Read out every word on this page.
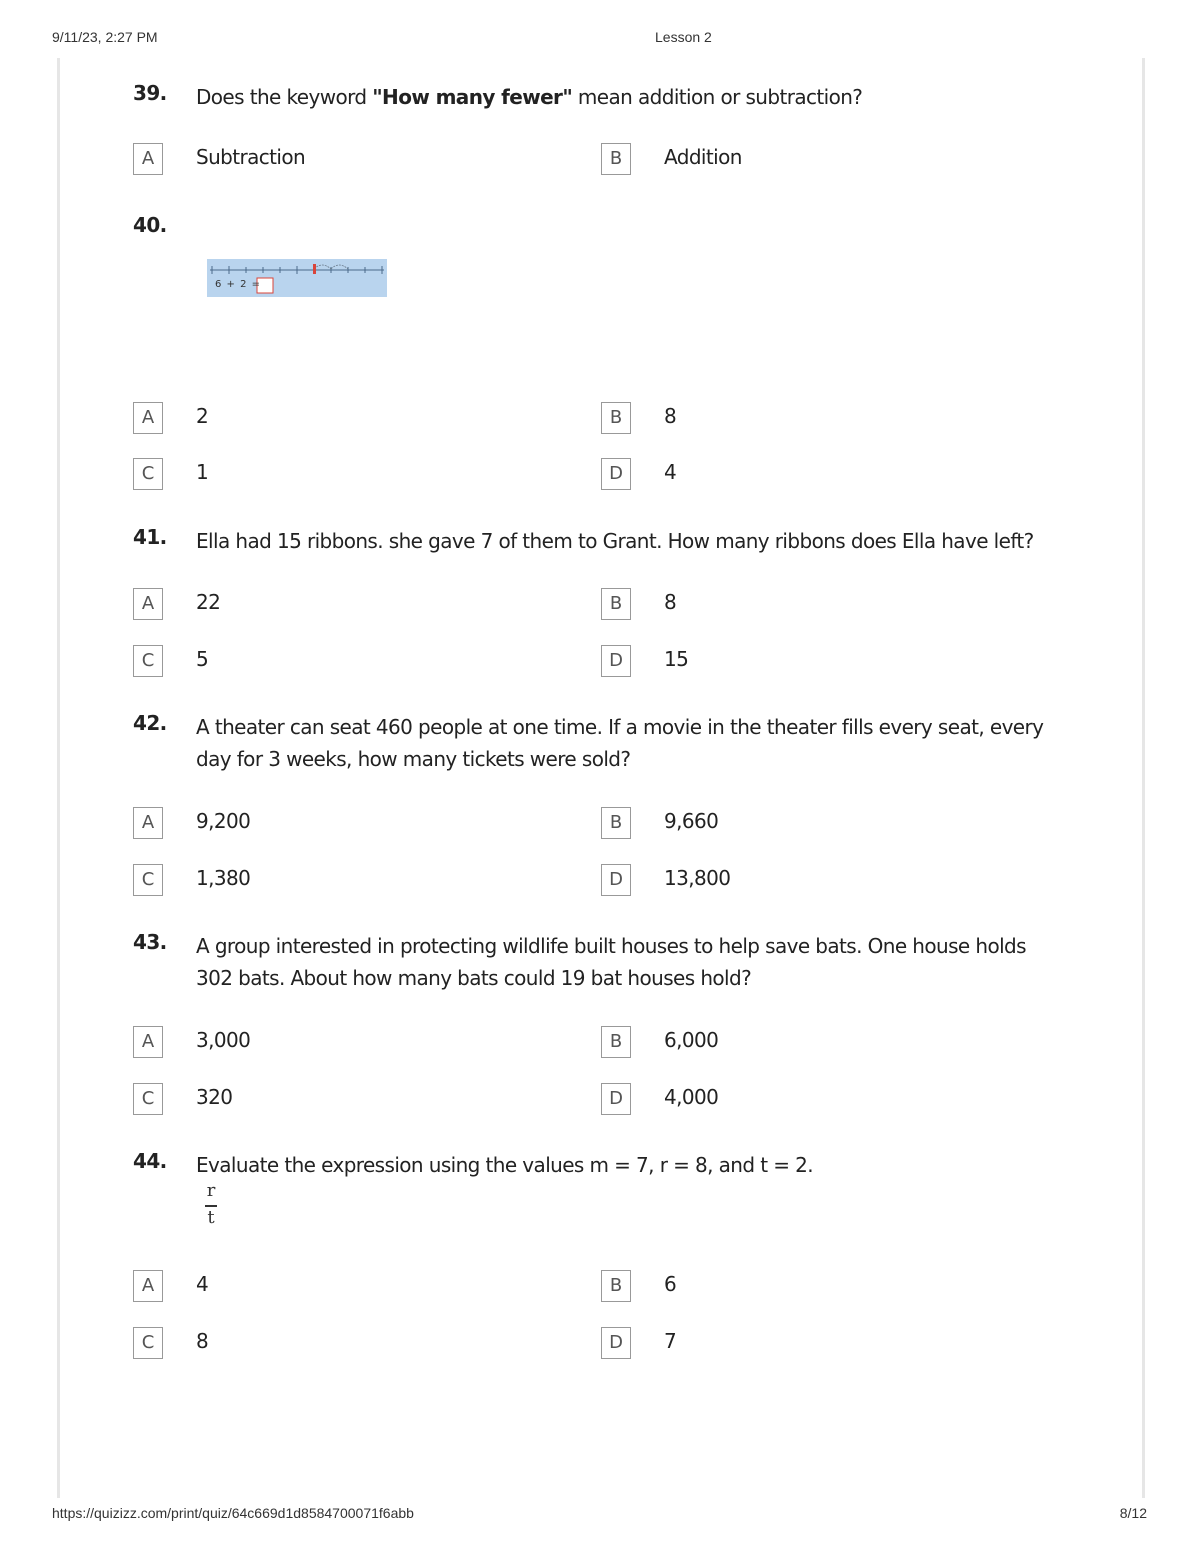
9/11/23, 2:27 PM	Lesson 2
39. Does the keyword "How many fewer" mean addition or subtraction?
A	Subtraction	B	Addition
40.
6 + 2 =
A	2	B	8
C	1	D	4
41. Ella had 15 ribbons. she gave 7 of them to Grant. How many ribbons does Ella have left?
A	22	B	8
C	5	D	15
42. A theater can seat 460 people at one time. If a movie in the theater fills every seat, every day for 3 weeks, how many tickets were sold?
A	9,200	B	9,660
C	1,380	D	13,800
43. A group interested in protecting wildlife built houses to help save bats. One house holds 302 bats. About how many bats could 19 bat houses hold?
A	3,000	B	6,000
C	320	D	4,000
44. Evaluate the expression using the values m = 7, r = 8, and t = 2.
r
t
A	4	B	6
C	8	D	7
https://quizizz.com/print/quiz/64c669d1d8584700071f6abb	8/12
